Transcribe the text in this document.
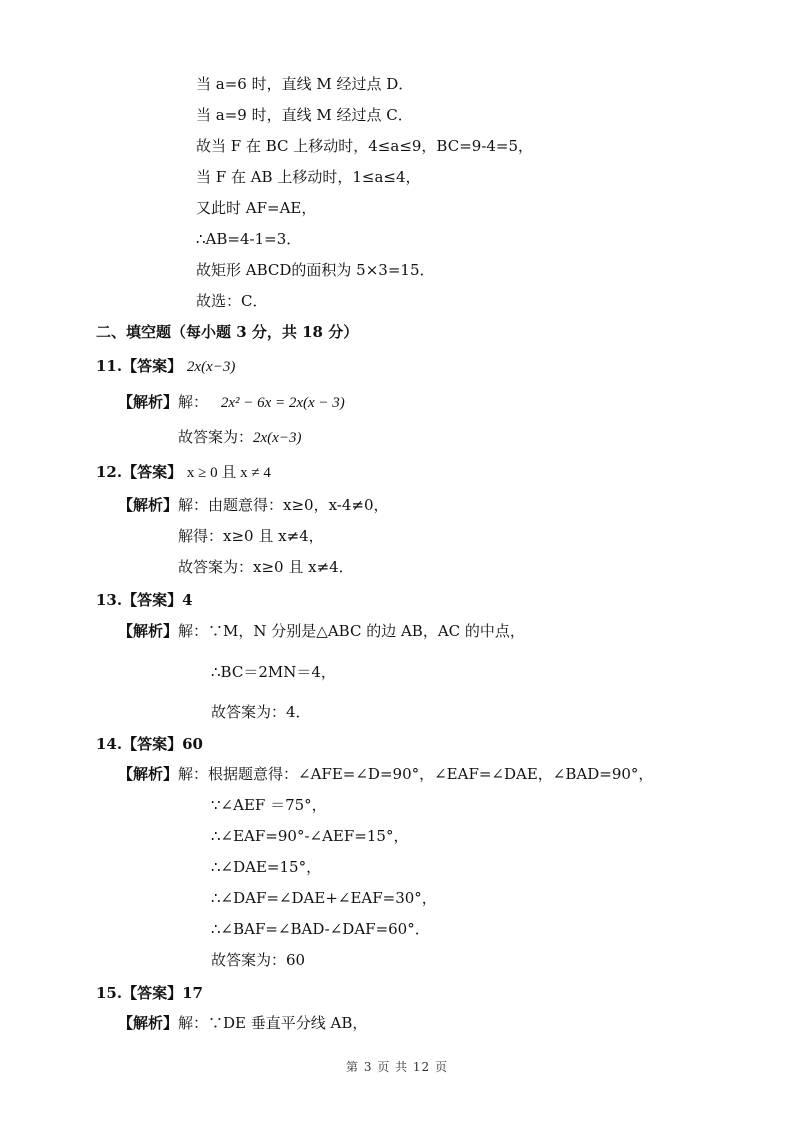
当 a=6 时，直线 M 经过点 D．
当 a=9 时，直线 M 经过点 C．
故当 F 在 BC 上移动时，4≤a≤9，BC=9-4=5，
当 F 在 AB 上移动时，1≤a≤4，
又此时 AF=AE，
∴AB=4-1=3．
故矩形 ABCD的面积为 5×3=15．
故选：C．
二、填空题（每小题 3 分，共 18 分）
11.【答案】 2x(x−3)
【解析】解： 2x² − 6x = 2x(x − 3)
故答案为：2x(x−3)
12.【答案】 x ≥ 0 且 x ≠ 4
【解析】解：由题意得：x≥0，x-4≠0，
解得：x≥0 且 x≠4，
故答案为：x≥0 且 x≠4．
13.【答案】4
【解析】解：∵M，N 分别是△ABC 的边 AB，AC 的中点，
∴BC＝2MN＝4，
故答案为：4．
14.【答案】60
【解析】解：根据题意得：∠AFE=∠D=90°，∠EAF=∠DAE，∠BAD=90°，
∵∠AEF ＝75°，
∴∠EAF=90°-∠AEF=15°，
∴∠DAE=15°，
∴∠DAF=∠DAE+∠EAF=30°，
∴∠BAF=∠BAD-∠DAF=60°．
故答案为：60
15.【答案】17
【解析】解：∵DE 垂直平分线 AB，
第 3 页 共 12 页
